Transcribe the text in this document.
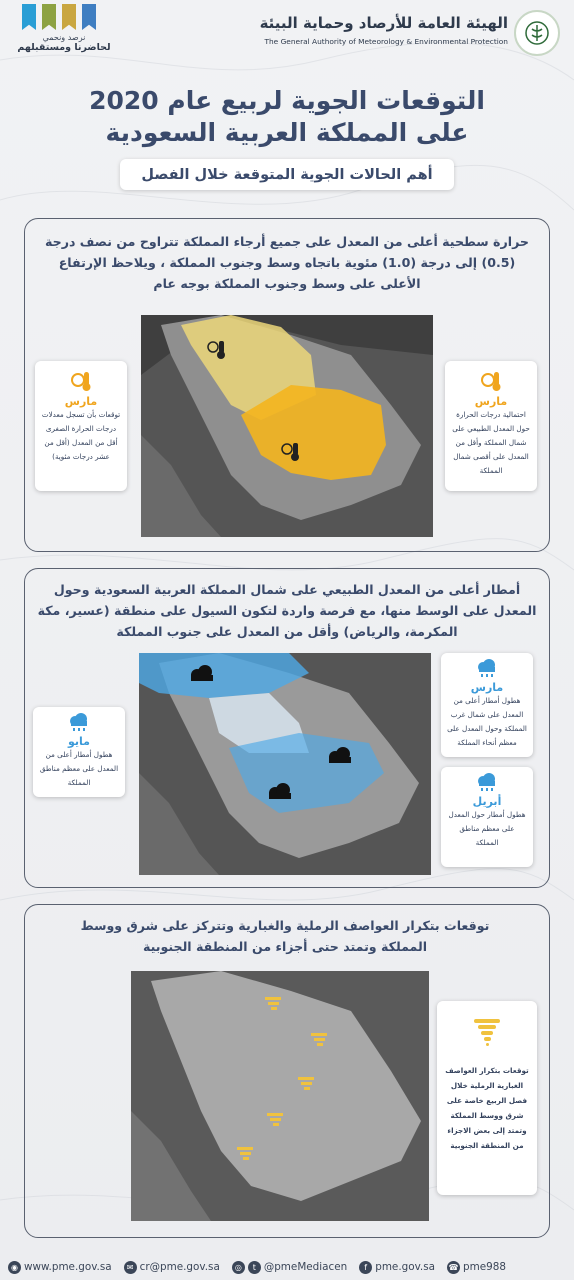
الهيئة العامة للأرصاد وحماية البيئة
The General Authority of Meteorology & Environmental Protection
نرصد ونحمي
لحاضرنا ومستقبلهم
التوقعات الجوية لربيع عام 2020
على المملكة العربية السعودية
أهم الحالات الجوية المتوقعة خلال الفصل
حرارة سطحية أعلى من المعدل على جميع أرجاء المملكة تتراوح من نصف درجة (0.5) إلى درجة (1.0) مئوية باتجاه وسط وجنوب المملكة ، ويلاحظ الإرتفاع الأعلى على وسط وجنوب المملكة بوجه عام
مارس
احتمالية درجات الحرارة حول المعدل الطبيعي على شمال المملكة وأقل من المعدل على أقصى شمال المملكة
مارس
توقعات بأن تسجل معدلات درجات الحرارة الصغرى أقل من المعدل (أقل من عشر درجات مئوية)
أمطار أعلى من المعدل الطبيعي على شمال المملكة العربية السعودية وحول المعدل على الوسط منها، مع فرصة واردة لتكون السيول على منطقة (عسير، مكة المكرمة، والرياض) وأقل من المعدل على جنوب المملكة
مارس
هطول أمطار أعلى من المعدل على شمال غرب المملكة وحول المعدل على معظم أنحاء المملكة
أبريل
هطول أمطار حول المعدل على معظم مناطق المملكة
مايو
هطول أمطار أعلى من المعدل على معظم مناطق المملكة
توقعات بتكرار العواصف الرملية والغبارية وتتركز على شرق ووسط المملكة وتمتد حتى أجزاء من المنطقة الجنوبية
توقعات بتكرار العواصف الغبارية الرملية خلال فصل الربيع خاصة على شرق ووسط المملكة وتمتد إلى بعض الاجزاء من المنطقة الجنوبية
◉ www.pme.gov.sa	✉ cr@pme.gov.sa	◎	t @pmeMediacen	f pme.gov.sa ☎ pme988
